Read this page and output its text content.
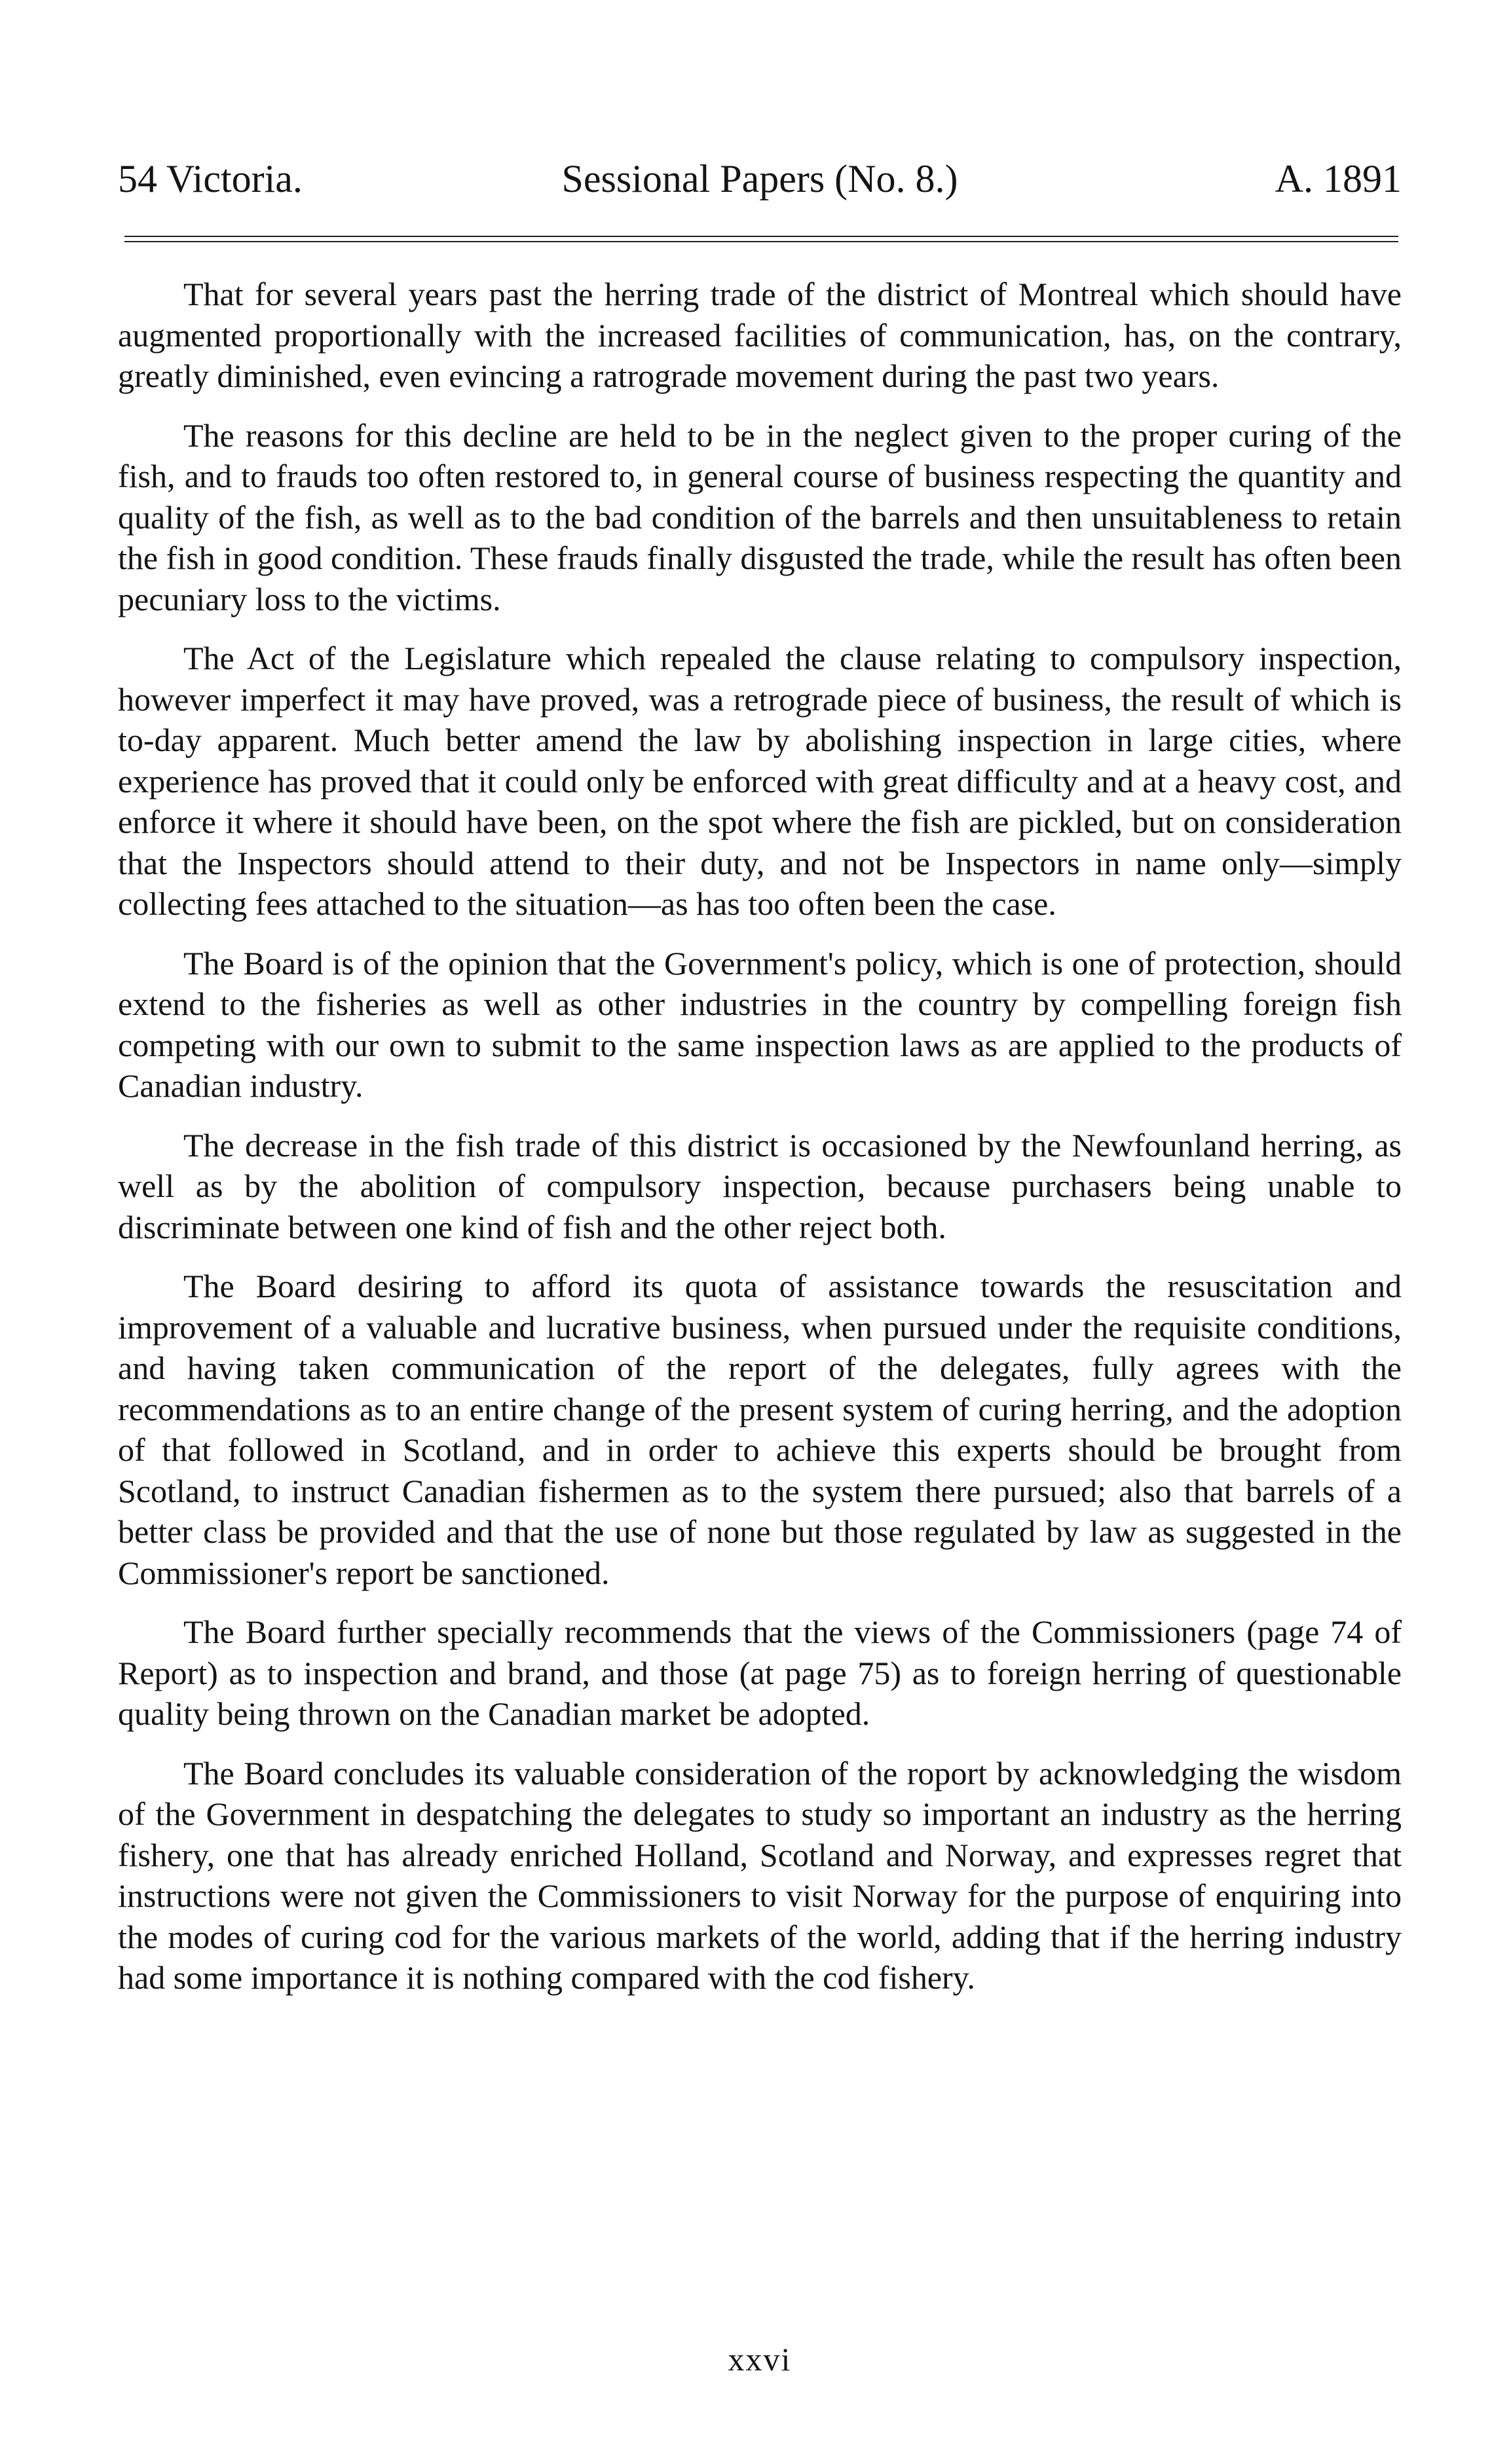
54 Victoria.	Sessional Papers (No. 8.)	A. 1891

That for several years past the herring trade of the district of Montreal which should have augmented proportionally with the increased facilities of communication, has, on the contrary, greatly diminished, even evincing a ratrograde movement during the past two years.

The reasons for this decline are held to be in the neglect given to the proper curing of the fish, and to frauds too often restored to, in general course of business respecting the quantity and quality of the fish, as well as to the bad condition of the barrels and then unsuitableness to retain the fish in good condition. These frauds finally disgusted the trade, while the result has often been pecuniary loss to the victims.

The Act of the Legislature which repealed the clause relating to compulsory inspection, however imperfect it may have proved, was a retrograde piece of business, the result of which is to-day apparent. Much better amend the law by abolishing inspection in large cities, where experience has proved that it could only be enforced with great difficulty and at a heavy cost, and enforce it where it should have been, on the spot where the fish are pickled, but on consideration that the Inspectors should attend to their duty, and not be Inspectors in name only—simply collecting fees attached to the situation—as has too often been the case.

The Board is of the opinion that the Government's policy, which is one of protection, should extend to the fisheries as well as other industries in the country by compelling foreign fish competing with our own to submit to the same inspection laws as are applied to the products of Canadian industry.

The decrease in the fish trade of this district is occasioned by the Newfounland herring, as well as by the abolition of compulsory inspection, because purchasers being unable to discriminate between one kind of fish and the other reject both.

The Board desiring to afford its quota of assistance towards the resuscitation and improvement of a valuable and lucrative business, when pursued under the requisite conditions, and having taken communication of the report of the delegates, fully agrees with the recommendations as to an entire change of the present system of curing herring, and the adoption of that followed in Scotland, and in order to achieve this experts should be brought from Scotland, to instruct Canadian fishermen as to the system there pursued; also that barrels of a better class be provided and that the use of none but those regulated by law as suggested in the Commissioner's report be sanctioned.

The Board further specially recommends that the views of the Commissioners (page 74 of Report) as to inspection and brand, and those (at page 75) as to foreign herring of questionable quality being thrown on the Canadian market be adopted.

The Board concludes its valuable consideration of the roport by acknowledging the wisdom of the Government in despatching the delegates to study so important an industry as the herring fishery, one that has already enriched Holland, Scotland and Norway, and expresses regret that instructions were not given the Commissioners to visit Norway for the purpose of enquiring into the modes of curing cod for the various markets of the world, adding that if the herring industry had some importance it is nothing compared with the cod fishery.

xxvi
